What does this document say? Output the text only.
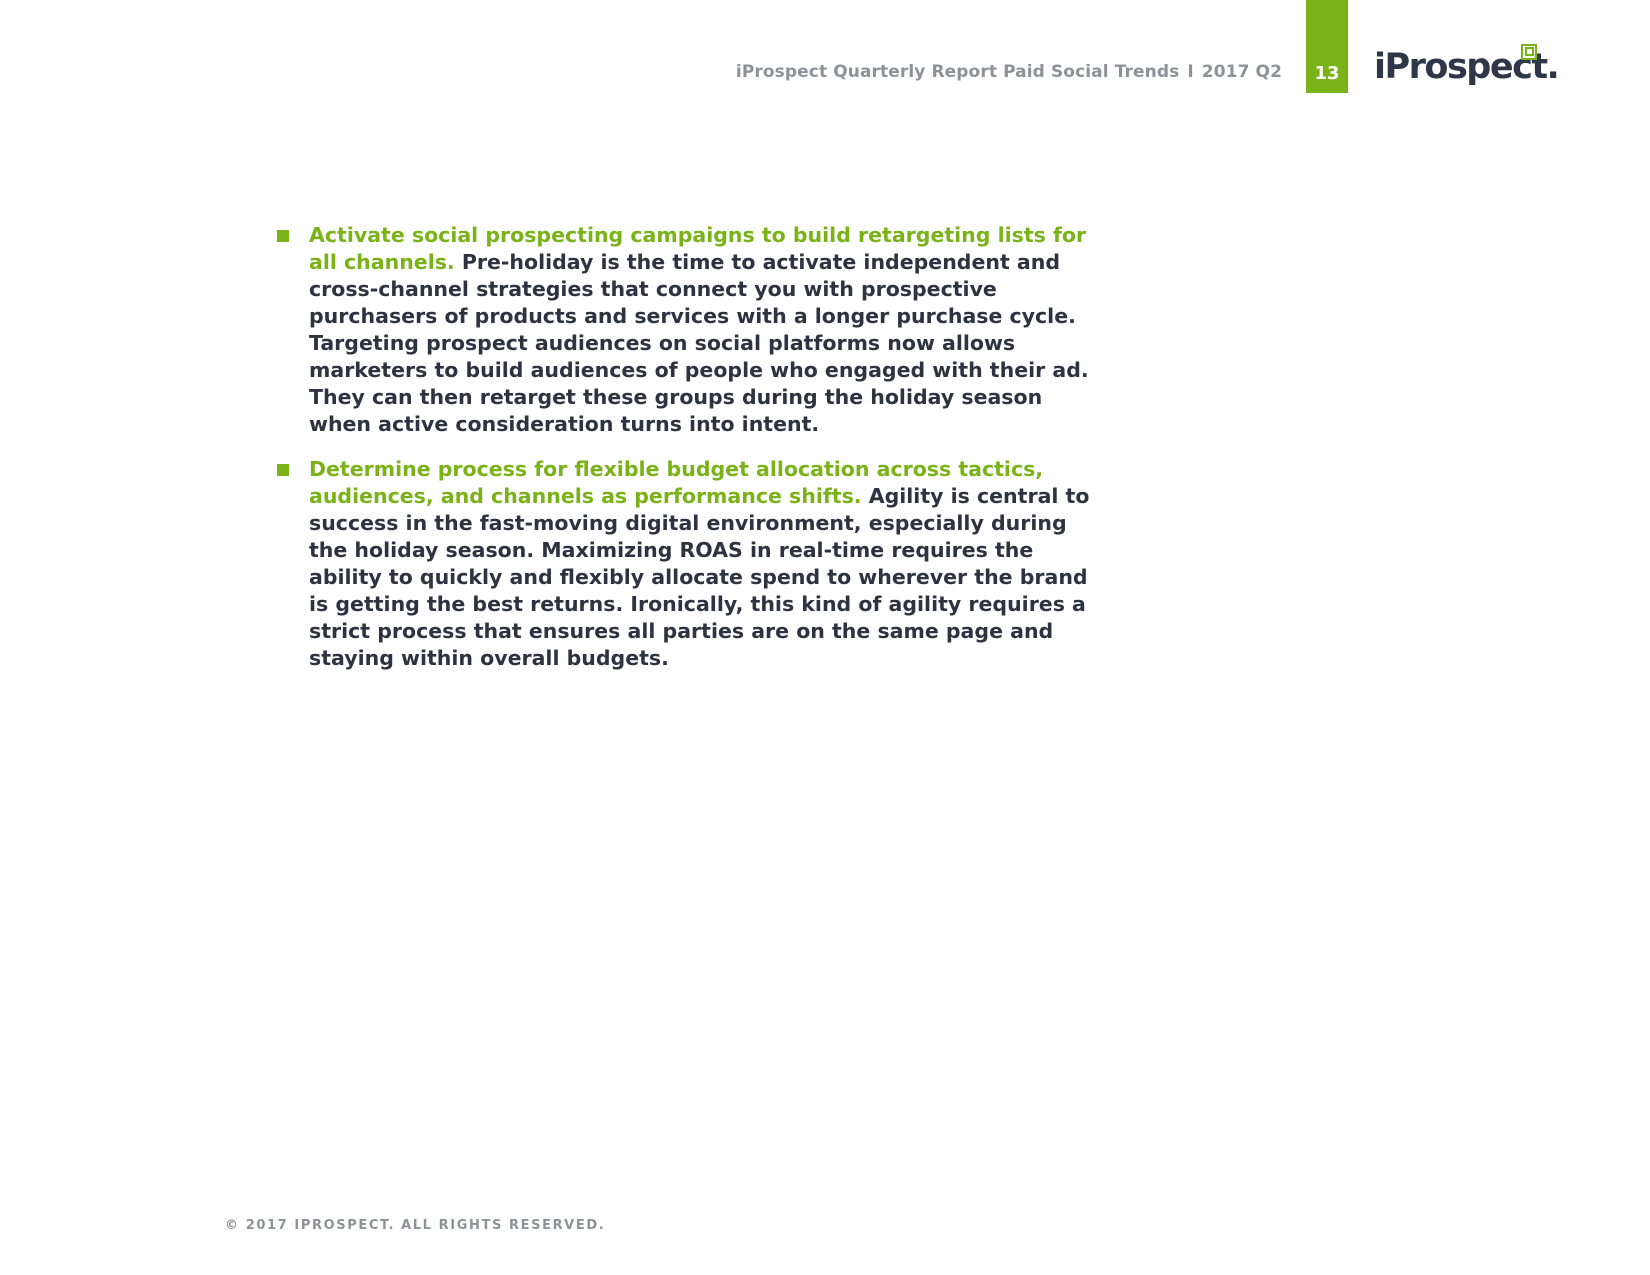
iProspect Quarterly Report Paid Social Trends I 2017 Q2	13 iProspect.
Activate social prospecting campaigns to build retargeting lists for all channels. Pre-holiday is the time to activate independent and cross-channel strategies that connect you with prospective purchasers of products and services with a longer purchase cycle. Targeting prospect audiences on social platforms now allows marketers to build audiences of people who engaged with their ad. They can then retarget these groups during the holiday season when active consideration turns into intent.
Determine process for flexible budget allocation across tactics, audiences, and channels as performance shifts. Agility is central to success in the fast-moving digital environment, especially during the holiday season. Maximizing ROAS in real-time requires the ability to quickly and flexibly allocate spend to wherever the brand is getting the best returns. Ironically, this kind of agility requires a strict process that ensures all parties are on the same page and staying within overall budgets.
© 2017 IPROSPECT. ALL RIGHTS RESERVED.
